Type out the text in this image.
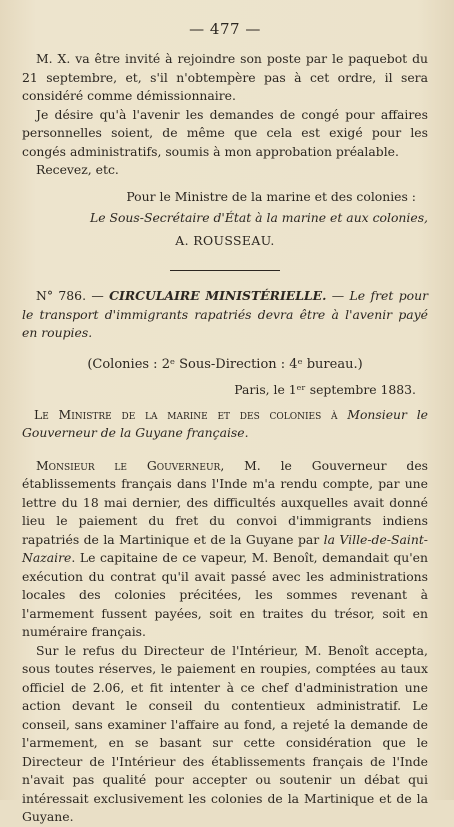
— 477 —

M. X. va être invité à rejoindre son poste par le paquebot du 21 septembre, et, s'il n'obtempère pas à cet ordre, il sera considéré comme démissionnaire.

Je désire qu'à l'avenir les demandes de congé pour affaires personnelles soient, de même que cela est exigé pour les congés administratifs, soumis à mon approbation préalable.

Recevez, etc.

Pour le Ministre de la marine et des colonies :

Le Sous-Secrétaire d'État à la marine et aux colonies,

A. ROUSSEAU.

N° 786. — CIRCULAIRE MINISTÉRIELLE. — Le fret pour le transport d'immigrants rapatriés devra être à l'avenir payé en roupies.

(Colonies : 2ᵉ Sous-Direction : 4ᵉ bureau.)

Paris, le 1ᵉʳ septembre 1883.

Le Ministre de la marine et des colonies à Monsieur le Gouverneur de la Guyane française.

Monsieur le Gouverneur, M. le Gouverneur des établissements français dans l'Inde m'a rendu compte, par une lettre du 18 mai dernier, des difficultés auxquelles avait donné lieu le paiement du fret du convoi d'immigrants indiens rapatriés de la Martinique et de la Guyane par la Ville-de-Saint-Nazaire. Le capitaine de ce vapeur, M. Benoît, demandait qu'en exécution du contrat qu'il avait passé avec les administrations locales des colonies précitées, les sommes revenant à l'armement fussent payées, soit en traites du trésor, soit en numéraire français.

Sur le refus du Directeur de l'Intérieur, M. Benoît accepta, sous toutes réserves, le paiement en roupies, comptées au taux officiel de 2.06, et fit intenter à ce chef d'administration une action devant le conseil du contentieux administratif. Le conseil, sans examiner l'affaire au fond, a rejeté la demande de l'armement, en se basant sur cette considération que le Directeur de l'Intérieur des établissements français de l'Inde n'avait pas qualité pour accepter ou soutenir un débat qui intéressait exclusivement les colonies de la Martinique et de la Guyane.
